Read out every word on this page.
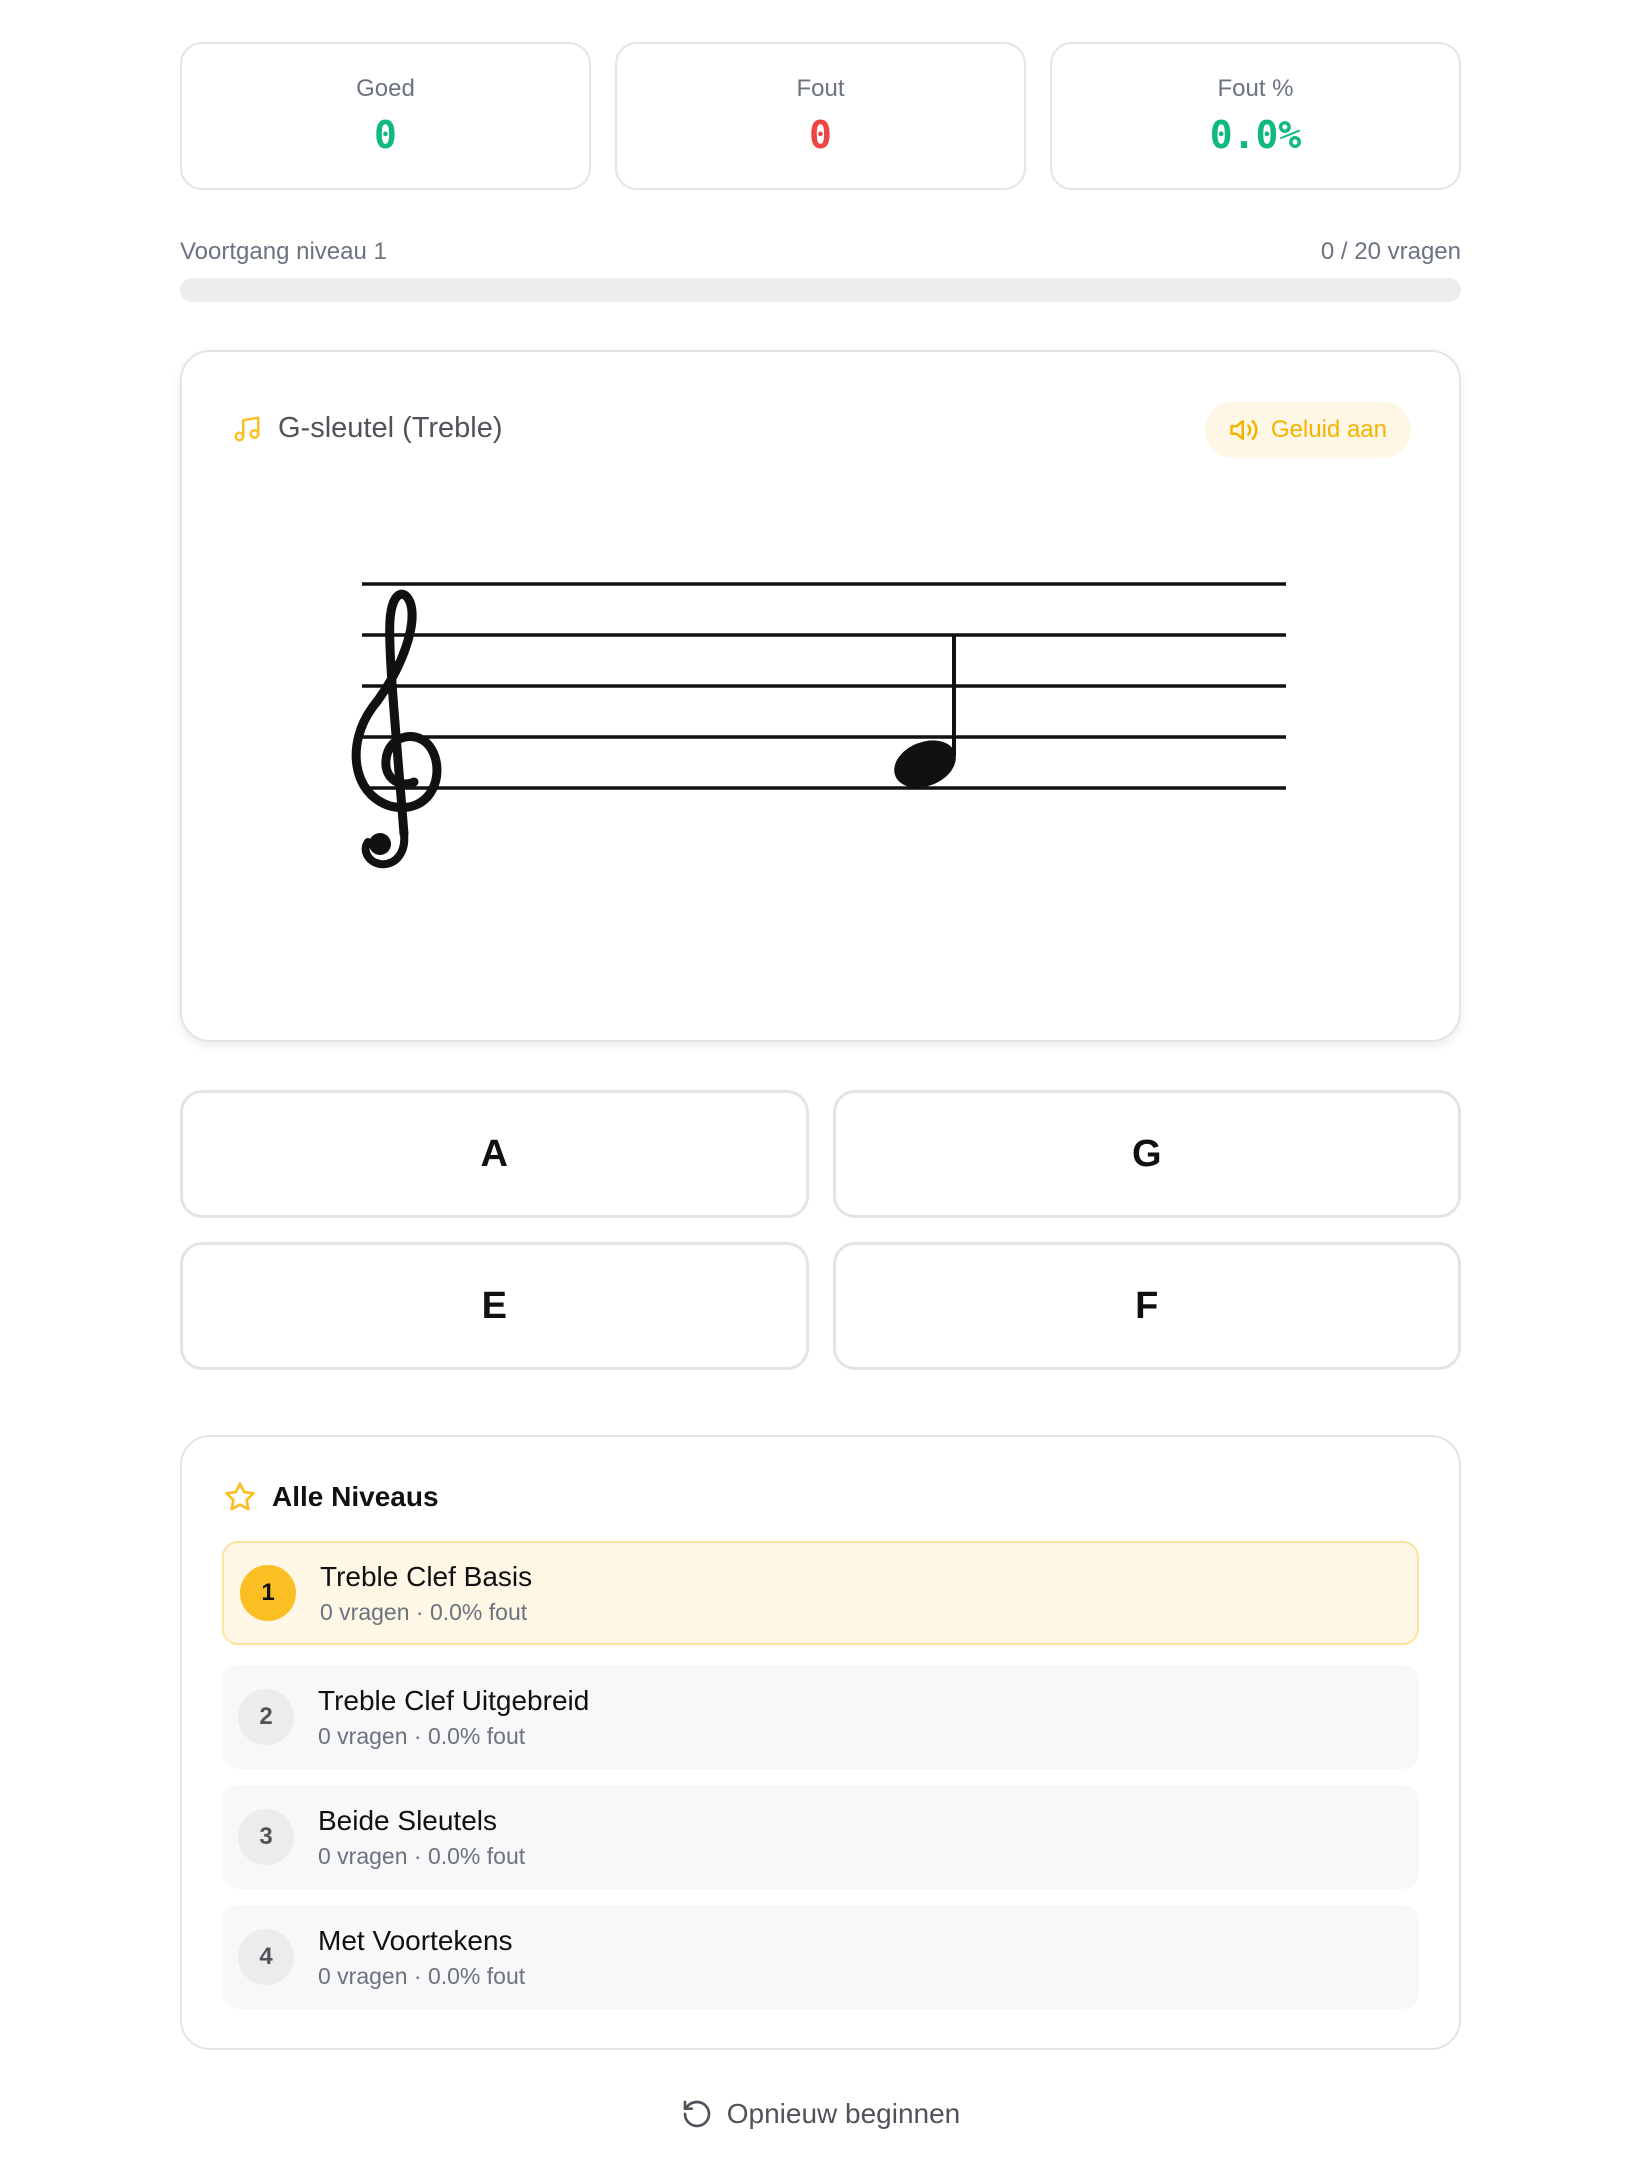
Goed
0
Fout
0
Fout %
0.0%
Voortgang niveau 1	0 / 20 vragen
G-sleutel (Treble)	Geluid aan
A	G
E	F
Alle Niveaus
1
Treble Clef Basis
0 vragen · 0.0% fout
2
Treble Clef Uitgebreid
0 vragen · 0.0% fout
3
Beide Sleutels
0 vragen · 0.0% fout
4
Met Voortekens
0 vragen · 0.0% fout
Opnieuw beginnen
